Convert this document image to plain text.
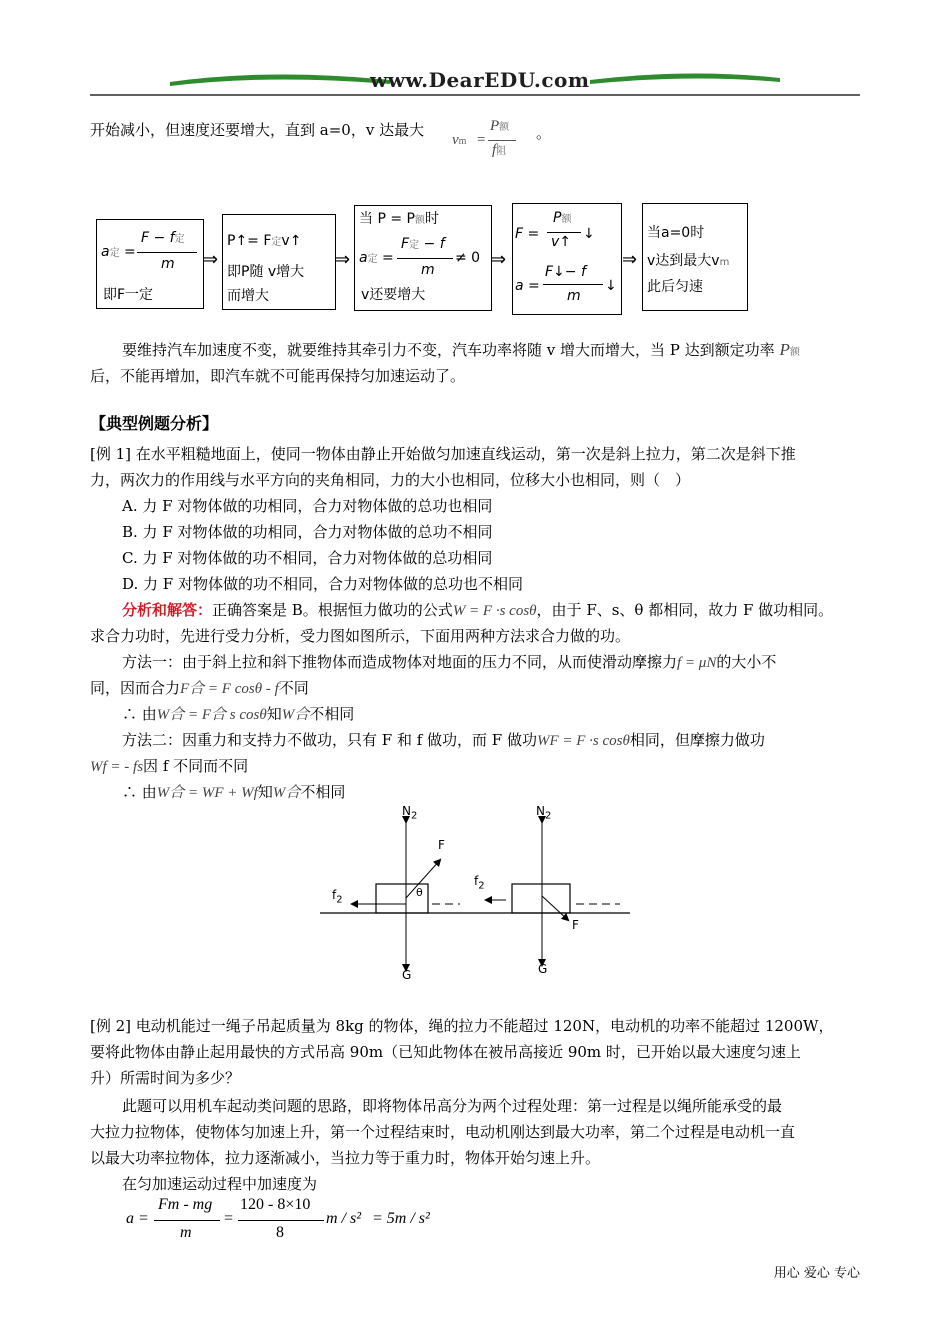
www.DearEDU.com
开始减小，但速度还要增大，直到 a=0，v 达最大
vm =
P额
f阻
。
a定 =
F − f定
m
即F一定
⇒
P↑= F定v↑
即P随 v增大
而增大
⇒
当 P = P额时
a定 =
F定 − f
m
≠ 0
v还要增大
⇒
F =
P额
v↑ ↓
a =
F↓− f
m
↓
⇒
当a=0时
v达到最大vm
此后匀速
要维持汽车加速度不变，就要维持其牵引力不变，汽车功率将随 v 增大而增大，当 P 达到额定功率 P额
后，不能再增加，即汽车就不可能再保持匀加速运动了。
【典型例题分析】
[例 1] 在水平粗糙地面上，使同一物体由静止开始做匀加速直线运动，第一次是斜上拉力，第二次是斜下推
力，两次力的作用线与水平方向的夹角相同，力的大小也相同，位移大小也相同，则（　）
A. 力 F 对物体做的功相同，合力对物体做的总功也相同
B. 力 F 对物体做的功相同，合力对物体做的总功不相同
C. 力 F 对物体做的功不相同，合力对物体做的总功相同
D. 力 F 对物体做的功不相同，合力对物体做的总功也不相同
分析和解答：正确答案是 B。根据恒力做功的公式W = F ·s cosθ，由于 F、s、θ 都相同，故力 F 做功相同。
求合力功时，先进行受力分析，受力图如图所示，下面用两种方法求合力做的功。
方法一：由于斜上拉和斜下推物体而造成物体对地面的压力不同，从而使滑动摩擦力f = μN的大小不
同，因而合力F合 = F cosθ - f不同
∴ 由W合 = F合 s cosθ知W合不相同
方法二：因重力和支持力不做功，只有 F 和 f 做功，而 F 做功WF = F ·s cosθ相同，但摩擦力做功
Wf = - fs因 f 不同而不同
∴ 由W合 = WF + Wf知W合不相同
$N_2$
F
θ
$f_2$
G
$N_2$
F
$f_2$
G
[例 2] 电动机能过一绳子吊起质量为 8kg 的物体，绳的拉力不能超过 120N，电动机的功率不能超过 1200W，
要将此物体由静止起用最快的方式吊高 90m（已知此物体在被吊高接近 90m 时，已开始以最大速度匀速上
升）所需时间为多少？
此题可以用机车起动类问题的思路，即将物体吊高分为两个过程处理：第一过程是以绳所能承受的最
大拉力拉物体，使物体匀加速上升，第一个过程结束时，电动机刚达到最大功率，第二个过程是电动机一直
以最大功率拉物体，拉力逐渐减小，当拉力等于重力时，物体开始匀速上升。
在匀加速运动过程中加速度为
a =
Fm - mg
m
=
120 - 8×10
8
m / s² = 5m / s²
用心 爱心 专心
